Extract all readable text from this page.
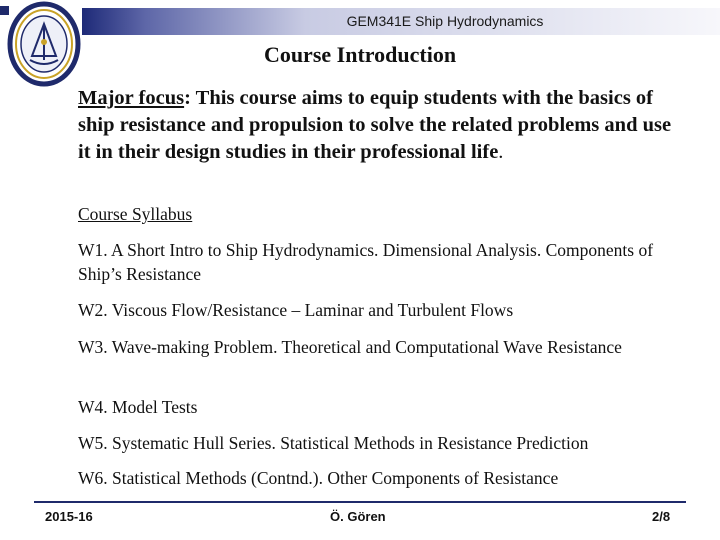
GEM341E Ship Hydrodynamics
Course Introduction
Major focus: This course aims to equip students with the basics of ship resistance and propulsion to solve the related problems and use it in their design studies in their professional life.
Course Syllabus
W1. A Short Intro to Ship Hydrodynamics. Dimensional Analysis. Components of Ship’s Resistance
W2. Viscous Flow/Resistance – Laminar and Turbulent Flows
W3. Wave-making Problem. Theoretical and Computational Wave Resistance
W4. Model Tests
W5. Systematic Hull Series. Statistical Methods in Resistance Prediction
W6. Statistical Methods (Contnd.). Other Components of Resistance
2015-16	Ö. Gören	2/8
